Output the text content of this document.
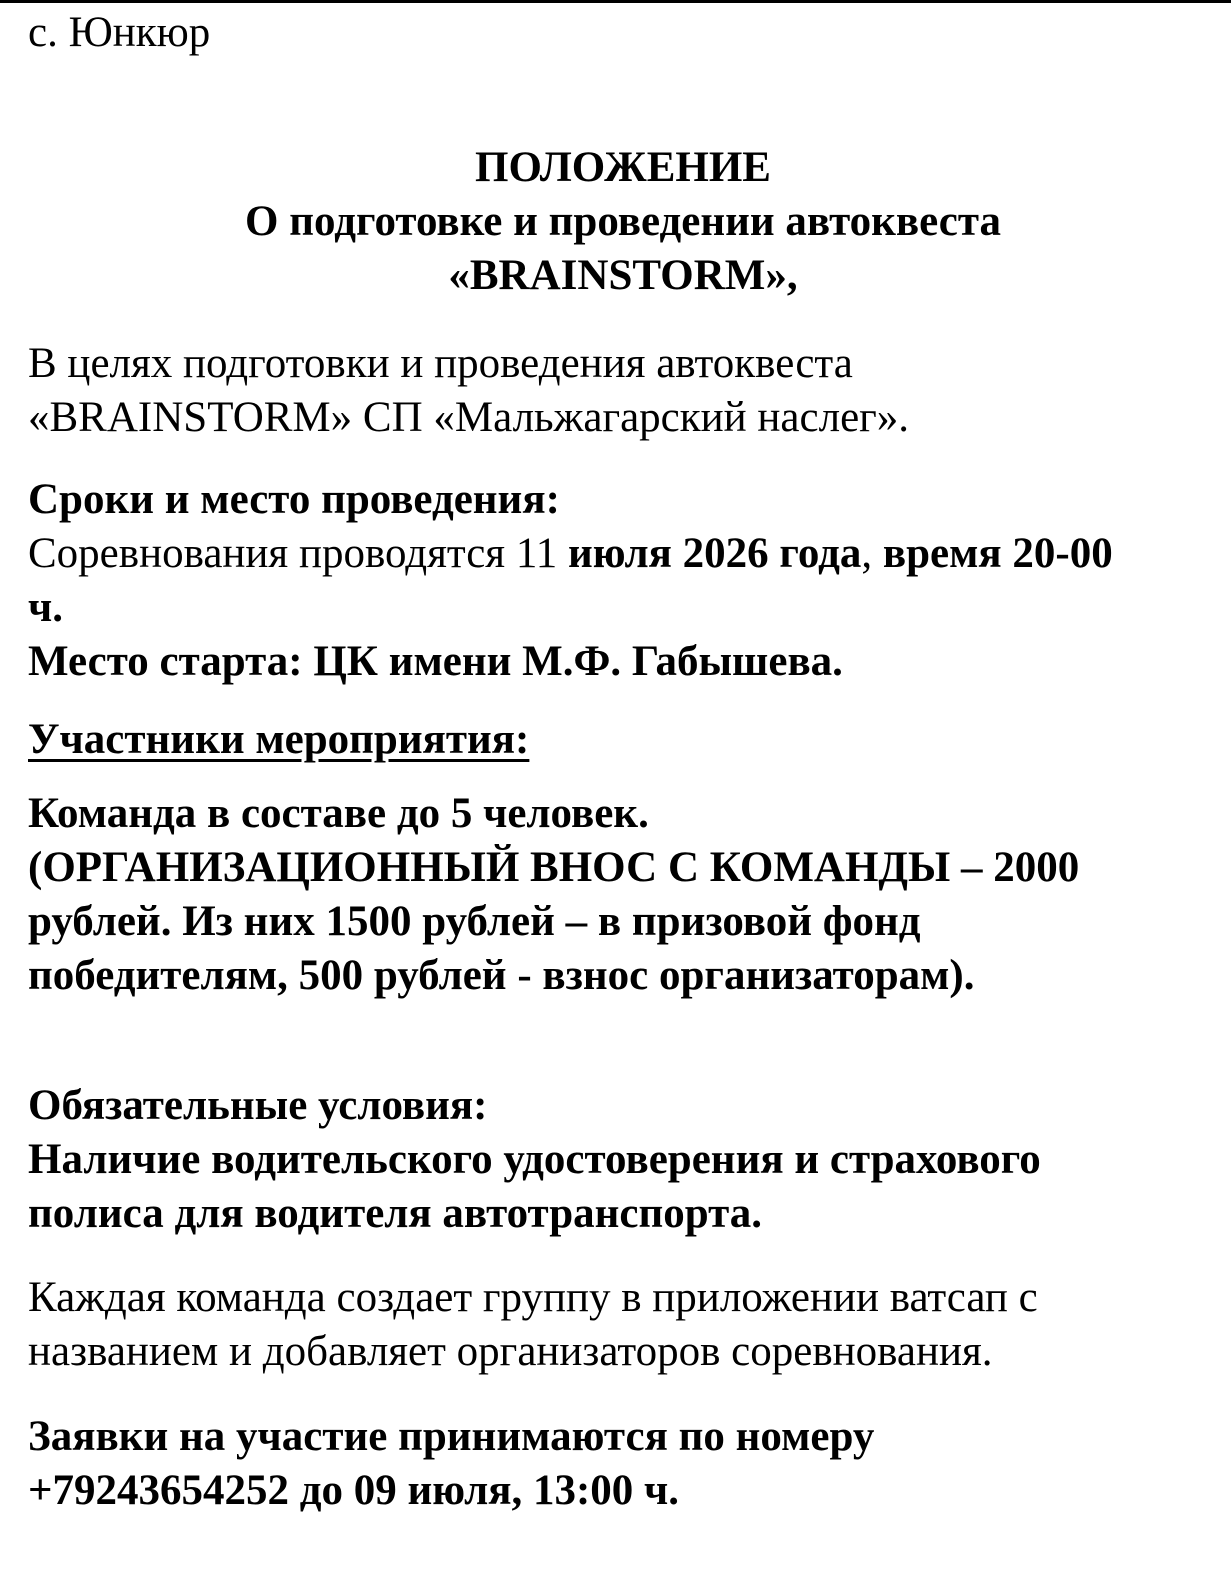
с. Юнкюр
ПОЛОЖЕНИЕ
О подготовке и проведении автоквеста
«BRAINSTORM»,
В целях подготовки и проведения автоквеста
«BRAINSTORM» СП «Мальжагарский наслег».
Сроки и место проведения:
Соревнования проводятся 11 июля 2026 года, время 20-00
ч.
Место старта: ЦК имени М.Ф. Габышева.
Участники мероприятия:
Команда в составе до 5 человек.
(ОРГАНИЗАЦИОННЫЙ ВНОС С КОМАНДЫ – 2000
рублей. Из них 1500 рублей – в призовой фонд
победителям, 500 рублей - взнос организаторам).
Обязательные условия:
Наличие водительского удостоверения и страхового
полиса для водителя автотранспорта.
Каждая команда создает группу в приложении ватсап с
названием и добавляет организаторов соревнования.
Заявки на участие принимаются по номеру
+79243654252 до 09 июля, 13:00 ч.
